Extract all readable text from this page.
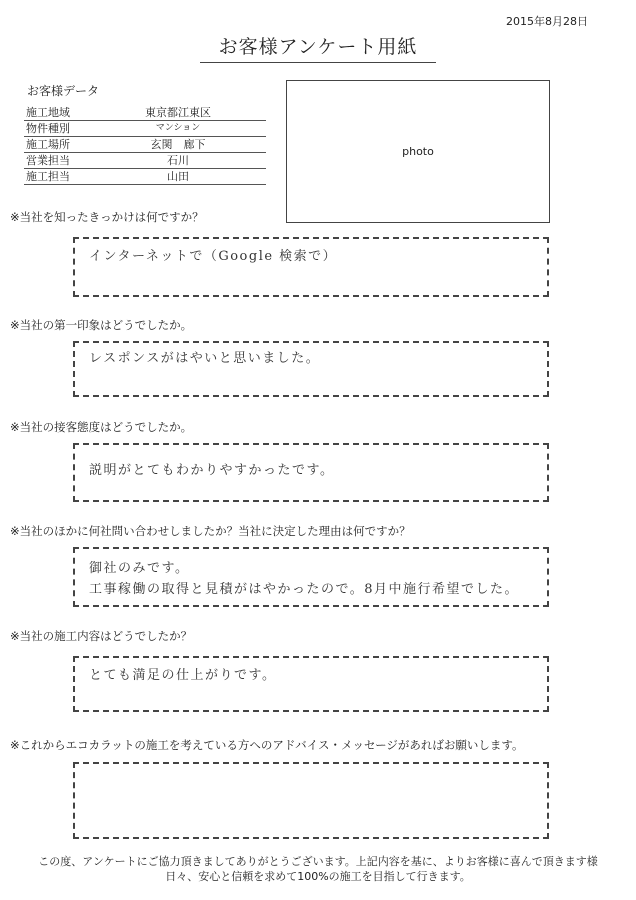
2015年8月28日
お客様アンケート用紙
お客様データ
施工地域	東京都江東区
物件種別	マンション
施工場所	玄関　廊下
営業担当	石川
施工担当	山田
photo
※当社を知ったきっかけは何ですか？
インターネットで（Google 検索で）
※当社の第一印象はどうでしたか。
レスポンスがはやいと思いました。
※当社の接客態度はどうでしたか。
説明がとてもわかりやすかったです。
※当社のほかに何社問い合わせしましたか？当社に決定した理由は何ですか？
御社のみです。
工事稼働の取得と見積がはやかったので。8月中施行希望でした。
※当社の施工内容はどうでしたか？
とても満足の仕上がりです。
※これからエコカラットの施工を考えている方へのアドバイス・メッセージがあればお願いします。
この度、アンケートにご協力頂きましてありがとうございます。上記内容を基に、よりお客様に喜んで頂きます様
日々、安心と信頼を求めて100%の施工を目指して行きます。
